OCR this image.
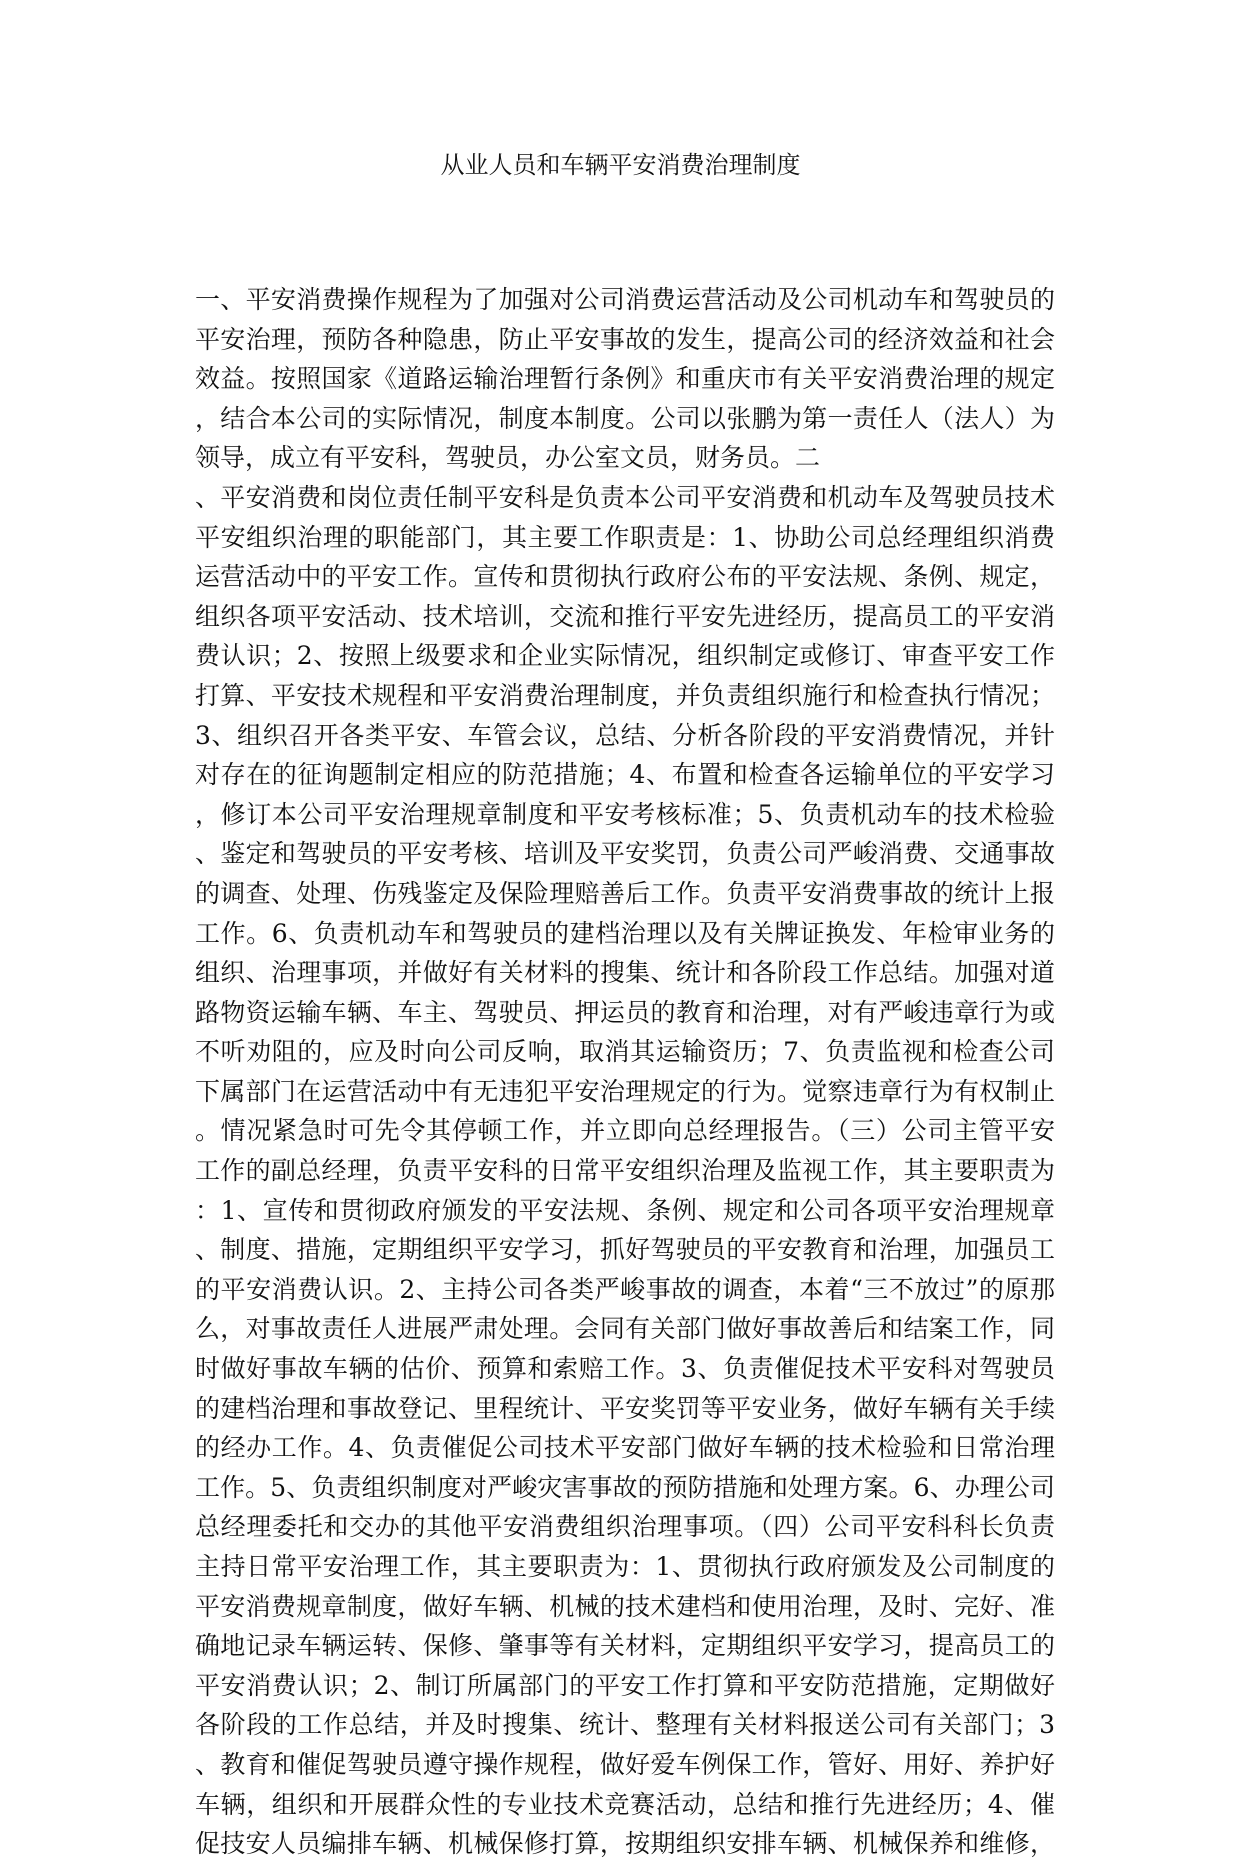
从业人员和车辆平安消费治理制度
一、平安消费操作规程为了加强对公司消费运营活动及公司机动车和驾驶员的
平安治理，预防各种隐患，防止平安事故的发生，提高公司的经济效益和社会
效益。按照国家《道路运输治理暂行条例》和重庆市有关平安消费治理的规定
，结合本公司的实际情况，制度本制度。公司以张鹏为第一责任人（法人）为
领导，成立有平安科，驾驶员，办公室文员，财务员。二
、平安消费和岗位责任制平安科是负责本公司平安消费和机动车及驾驶员技术
平安组织治理的职能部门，其主要工作职责是：1、协助公司总经理组织消费
运营活动中的平安工作。宣传和贯彻执行政府公布的平安法规、条例、规定，
组织各项平安活动、技术培训，交流和推行平安先进经历，提高员工的平安消
费认识；2、按照上级要求和企业实际情况，组织制定或修订、审查平安工作
打算、平安技术规程和平安消费治理制度，并负责组织施行和检查执行情况；
3、组织召开各类平安、车管会议，总结、分析各阶段的平安消费情况，并针
对存在的征询题制定相应的防范措施；4、布置和检查各运输单位的平安学习
，修订本公司平安治理规章制度和平安考核标准；5、负责机动车的技术检验
、鉴定和驾驶员的平安考核、培训及平安奖罚，负责公司严峻消费、交通事故
的调查、处理、伤残鉴定及保险理赔善后工作。负责平安消费事故的统计上报
工作。6、负责机动车和驾驶员的建档治理以及有关牌证换发、年检审业务的
组织、治理事项，并做好有关材料的搜集、统计和各阶段工作总结。加强对道
路物资运输车辆、车主、驾驶员、押运员的教育和治理，对有严峻违章行为或
不听劝阻的，应及时向公司反响，取消其运输资历；7、负责监视和检查公司
下属部门在运营活动中有无违犯平安治理规定的行为。觉察违章行为有权制止
。情况紧急时可先令其停顿工作，并立即向总经理报告。（三）公司主管平安
工作的副总经理，负责平安科的日常平安组织治理及监视工作，其主要职责为
：1、宣传和贯彻政府颁发的平安法规、条例、规定和公司各项平安治理规章
、制度、措施，定期组织平安学习，抓好驾驶员的平安教育和治理，加强员工
的平安消费认识。2、主持公司各类严峻事故的调查，本着“三不放过”的原那
么，对事故责任人进展严肃处理。会同有关部门做好事故善后和结案工作，同
时做好事故车辆的估价、预算和索赔工作。3、负责催促技术平安科对驾驶员
的建档治理和事故登记、里程统计、平安奖罚等平安业务，做好车辆有关手续
的经办工作。4、负责催促公司技术平安部门做好车辆的技术检验和日常治理
工作。5、负责组织制度对严峻灾害事故的预防措施和处理方案。6、办理公司
总经理委托和交办的其他平安消费组织治理事项。（四）公司平安科科长负责
主持日常平安治理工作，其主要职责为：1、贯彻执行政府颁发及公司制度的
平安消费规章制度，做好车辆、机械的技术建档和使用治理，及时、完好、准
确地记录车辆运转、保修、肇事等有关材料，定期组织平安学习，提高员工的
平安消费认识；2、制订所属部门的平安工作打算和平安防范措施，定期做好
各阶段的工作总结，并及时搜集、统计、整理有关材料报送公司有关部门；3
、教育和催促驾驶员遵守操作规程，做好爱车例保工作，管好、用好、养护好
车辆，组织和开展群众性的专业技术竞赛活动，总结和推行先进经历；4、催
促技安人员编排车辆、机械保修打算，按期组织安排车辆、机械保养和维修，
